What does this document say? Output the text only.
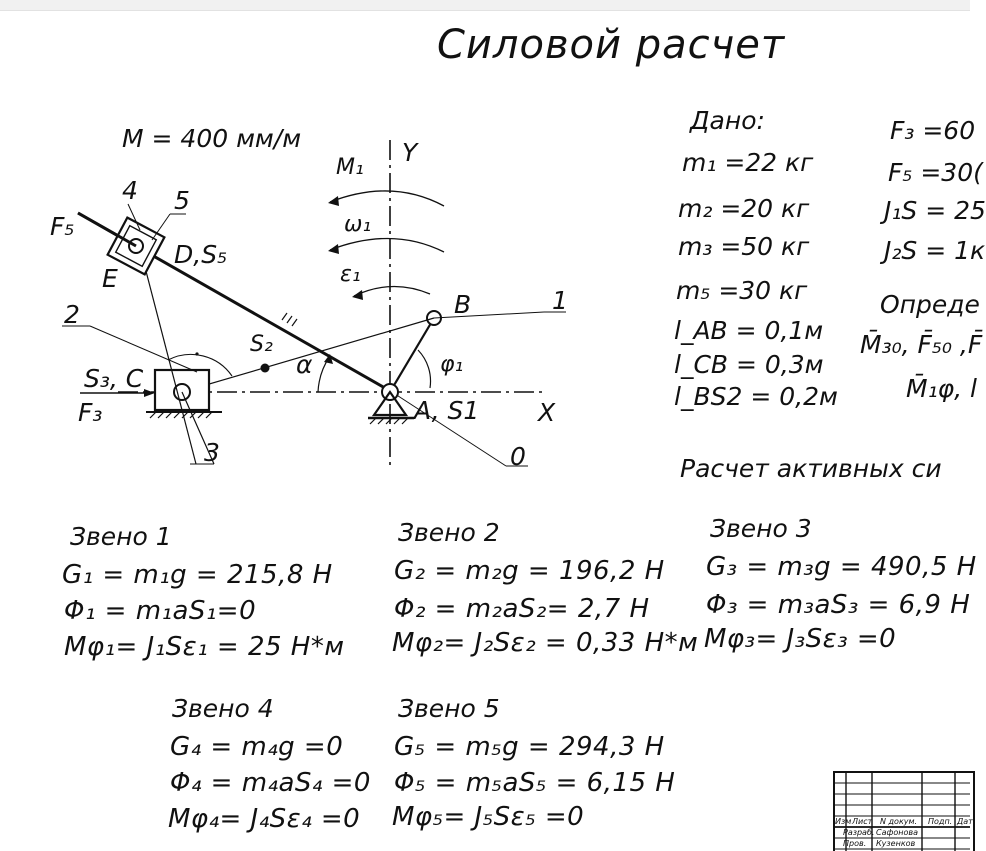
Силовой расчет
М = 400 мм/м	Y
X
A, S1
B
S₃, C
F₃
D,S₅
E
F₅
S₂
α	φ₁
M₁
ω₁
ε₁
1
2
3
4 5
0
Дано:
m₁ =22 кг
m₂ =20 кг
m₃ =50 кг
m₅ =30 кг
l_AB = 0,1м
l_CB = 0,3м
l_BS2 = 0,2м
F₃ =60
F₅ =30(
J₁S = 25
J₂S = 1к
Опреде
M̄₃₀, F̄₅₀ ,F̄
M̄₁φ, l
Расчет активных си
Звено 1
G₁ = m₁g = 215,8 Н
Φ₁ = m₁aS₁=0
Mφ₁= J₁Sε₁ = 25 Н*м
Звено 2
G₂ = m₂g = 196,2 Н
Φ₂ = m₂aS₂= 2,7 Н
Mφ₂= J₂Sε₂ = 0,33 Н*м
Звено 3
G₃ = m₃g = 490,5 Н
Φ₃ = m₃aS₃ = 6,9 Н
Mφ₃= J₃Sε₃ =0
Звено 4
G₄ = m₄g =0
Φ₄ = m₄aS₄ =0
Mφ₄= J₄Sε₄ =0
Звено 5
G₅ = m₅g = 294,3 Н
Φ₅ = m₅aS₅ = 6,15 Н
Mφ₅= J₅Sε₅ =0	Изм Лист N докум. Подп. Дат
Разраб. Сафонова
Пров. Кузенков
